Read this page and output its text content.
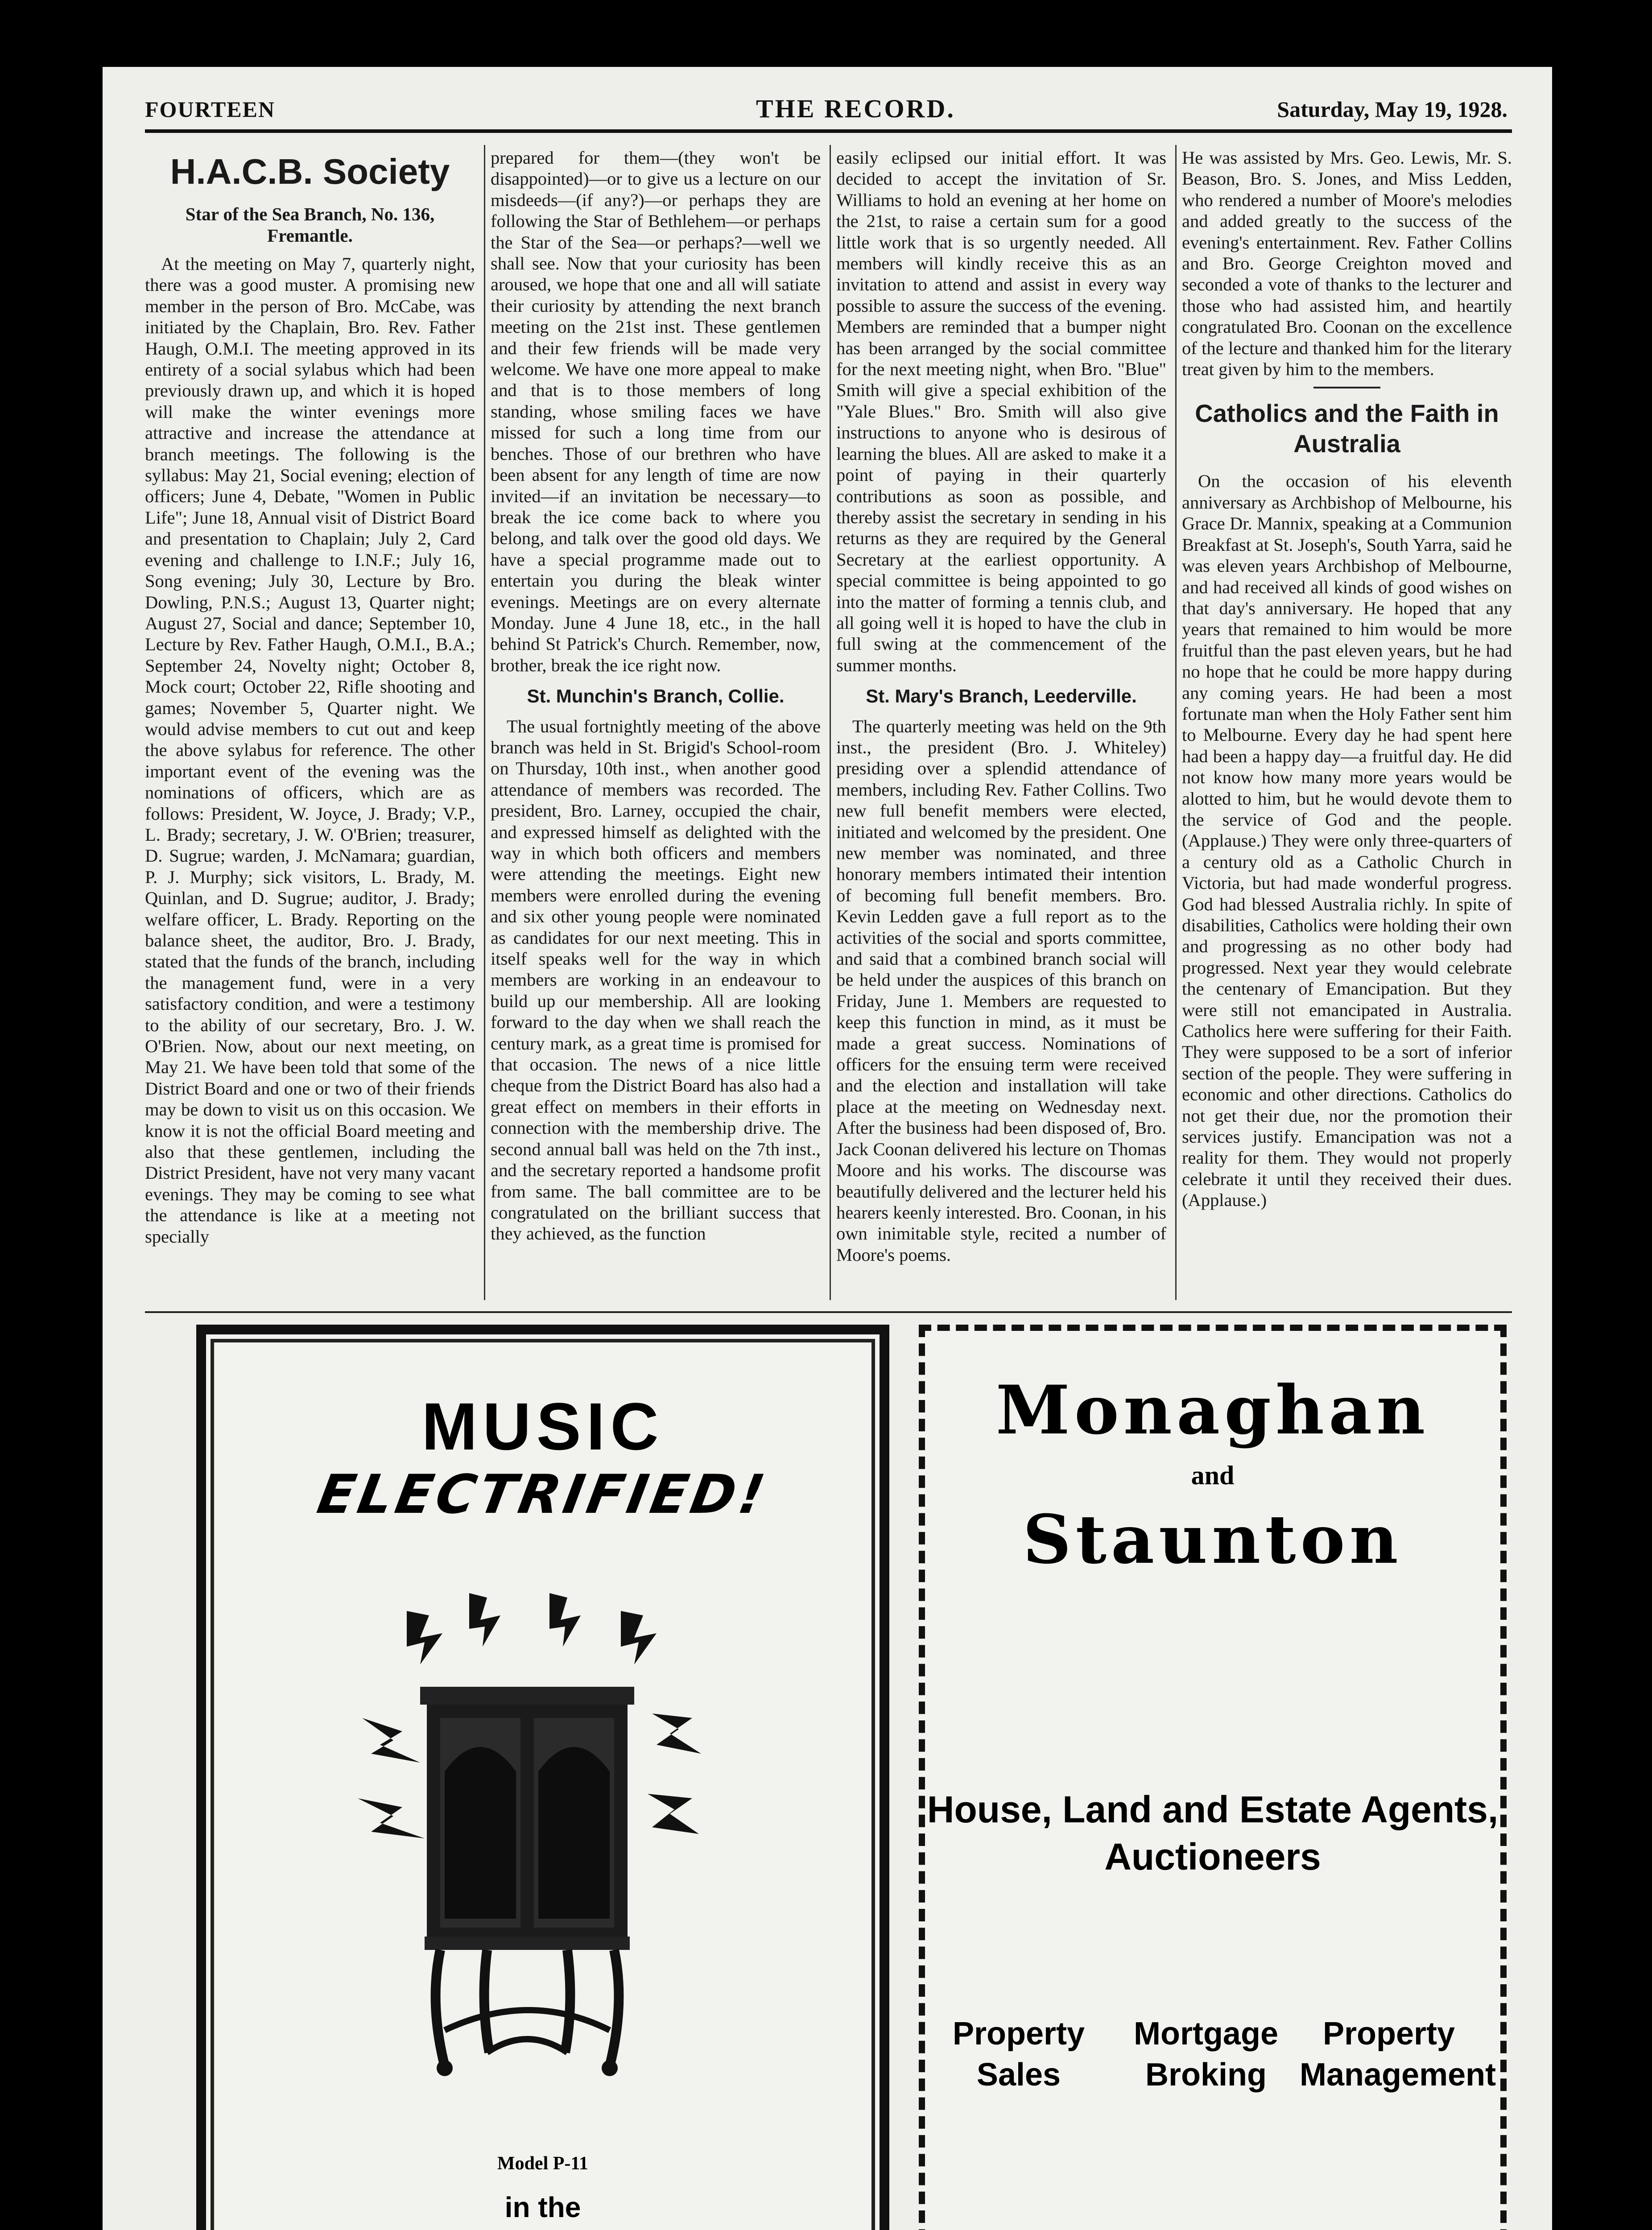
FOURTEEN	THE RECORD.	Saturday, May 19, 1928.
H.A.C.B. Society
Star of the Sea Branch, No. 136, Fremantle.

At the meeting on May 7, quarterly night, there was a good muster. A promising new member in the person of Bro. McCabe, was initiated by the Chaplain, Bro. Rev. Father Haugh, O.M.I. The meeting approved in its entirety of a social sylabus which had been previously drawn up, and which it is hoped will make the winter evenings more attractive and increase the attendance at branch meetings. The following is the syllabus: May 21, Social evening; election of officers; June 4, Debate, "Women in Public Life"; June 18, Annual visit of District Board and presentation to Chaplain; July 2, Card evening and challenge to I.N.F.; July 16, Song evening; July 30, Lecture by Bro. Dowling, P.N.S.; August 13, Quarter night; August 27, Social and dance; September 10, Lecture by Rev. Father Haugh, O.M.I., B.A.; September 24, Novelty night; October 8, Mock court; October 22, Rifle shooting and games; November 5, Quarter night. We would advise members to cut out and keep the above sylabus for reference. The other important event of the evening was the nominations of officers, which are as follows: President, W. Joyce, J. Brady; V.P., L. Brady; secretary, J. W. O'Brien; treasurer, D. Sugrue; warden, J. McNamara; guardian, P. J. Murphy; sick visitors, L. Brady, M. Quinlan, and D. Sugrue; auditor, J. Brady; welfare officer, L. Brady. Reporting on the balance sheet, the auditor, Bro. J. Brady, stated that the funds of the branch, including the management fund, were in a very satisfactory condition, and were a testimony to the ability of our secretary, Bro. J. W. O'Brien. Now, about our next meeting, on May 21. We have been told that some of the District Board and one or two of their friends may be down to visit us on this occasion. We know it is not the official Board meeting and also that these gentlemen, including the District President, have not very many vacant evenings. They may be coming to see what the attendance is like at a meeting not specially

prepared for them—(they won't be disappointed)—or to give us a lecture on our misdeeds—(if any?)—or perhaps they are following the Star of Bethlehem—or perhaps the Star of the Sea—or perhaps?—well we shall see. Now that your curiosity has been aroused, we hope that one and all will satiate their curiosity by attending the next branch meeting on the 21st inst. These gentlemen and their few friends will be made very welcome. We have one more appeal to make and that is to those members of long standing, whose smiling faces we have missed for such a long time from our benches. Those of our brethren who have been absent for any length of time are now invited—if an invitation be necessary—to break the ice come back to where you belong, and talk over the good old days. We have a special programme made out to entertain you during the bleak winter evenings. Meetings are on every alternate Monday. June 4 June 18, etc., in the hall behind St Patrick's Church. Remember, now, brother, break the ice right now.

St. Munchin's Branch, Collie.

The usual fortnightly meeting of the above branch was held in St. Brigid's School-room on Thursday, 10th inst., when another good attendance of members was recorded. The president, Bro. Larney, occupied the chair, and expressed himself as delighted with the way in which both officers and members were attending the meetings. Eight new members were enrolled during the evening and six other young people were nominated as candidates for our next meeting. This in itself speaks well for the way in which members are working in an endeavour to build up our membership. All are looking forward to the day when we shall reach the century mark, as a great time is promised for that occasion. The news of a nice little cheque from the District Board has also had a great effect on members in their efforts in connection with the membership drive. The second annual ball was held on the 7th inst., and the secretary reported a handsome profit from same. The ball committee are to be congratulated on the brilliant success that they achieved, as the function

easily eclipsed our initial effort. It was decided to accept the invitation of Sr. Williams to hold an evening at her home on the 21st, to raise a certain sum for a good little work that is so urgently needed. All members will kindly receive this as an invitation to attend and assist in every way possible to assure the success of the evening. Members are reminded that a bumper night has been arranged by the social committee for the next meeting night, when Bro. "Blue" Smith will give a special exhibition of the "Yale Blues." Bro. Smith will also give instructions to anyone who is desirous of learning the blues. All are asked to make it a point of paying in their quarterly contributions as soon as possible, and thereby assist the secretary in sending in his returns as they are required by the General Secretary at the earliest opportunity. A special committee is being appointed to go into the matter of forming a tennis club, and all going well it is hoped to have the club in full swing at the commencement of the summer months.

St. Mary's Branch, Leederville.

The quarterly meeting was held on the 9th inst., the president (Bro. J. Whiteley) presiding over a splendid attendance of members, including Rev. Father Collins. Two new full benefit members were elected, initiated and welcomed by the president. One new member was nominated, and three honorary members intimated their intention of becoming full benefit members. Bro. Kevin Ledden gave a full report as to the activities of the social and sports committee, and said that a combined branch social will be held under the auspices of this branch on Friday, June 1. Members are requested to keep this function in mind, as it must be made a great success. Nominations of officers for the ensuing term were received and the election and installation will take place at the meeting on Wednesday next. After the business had been disposed of, Bro. Jack Coonan delivered his lecture on Thomas Moore and his works. The discourse was beautifully delivered and the lecturer held his hearers keenly interested. Bro. Coonan, in his own inimitable style, recited a number of Moore's poems.

He was assisted by Mrs. Geo. Lewis, Mr. S. Beason, Bro. S. Jones, and Miss Ledden, who rendered a number of Moore's melodies and added greatly to the success of the evening's entertainment. Rev. Father Collins and Bro. George Creighton moved and seconded a vote of thanks to the lecturer and those who had assisted him, and heartily congratulated Bro. Coonan on the excellence of the lecture and thanked him for the literary treat given by him to the members.

Catholics and the Faith in Australia

On the occasion of his eleventh anniversary as Archbishop of Melbourne, his Grace Dr. Mannix, speaking at a Communion Breakfast at St. Joseph's, South Yarra, said he was eleven years Archbishop of Melbourne, and had received all kinds of good wishes on that day's anniversary. He hoped that any years that remained to him would be more fruitful than the past eleven years, but he had no hope that he could be more happy during any coming years. He had been a most fortunate man when the Holy Father sent him to Melbourne. Every day he had spent here had been a happy day—a fruitful day. He did not know how many more years would be alotted to him, but he would devote them to the service of God and the people. (Applause.) They were only three-quarters of a century old as a Catholic Church in Victoria, but had made wonderful progress. God had blessed Australia richly. In spite of disabilities, Catholics were holding their own and progressing as no other body had progressed. Next year they would celebrate the centenary of Emancipation. But they were still not emancipated in Australia. Catholics here were suffering for their Faith. They were supposed to be a sort of inferior section of the people. They were suffering in economic and other directions. Catholics do not get their due, nor the promotion their services justify. Emancipation was not a reality for them. They would not properly celebrate it until they received their dues. (Applause.)

MUSIC
ELECTRIFIED!
Model P-11
in the
Monaghan
and
Staunton
House, Land and Estate Agents,
Auctioneers
Property
Sales
Mortgage
Broking
Property
Management
